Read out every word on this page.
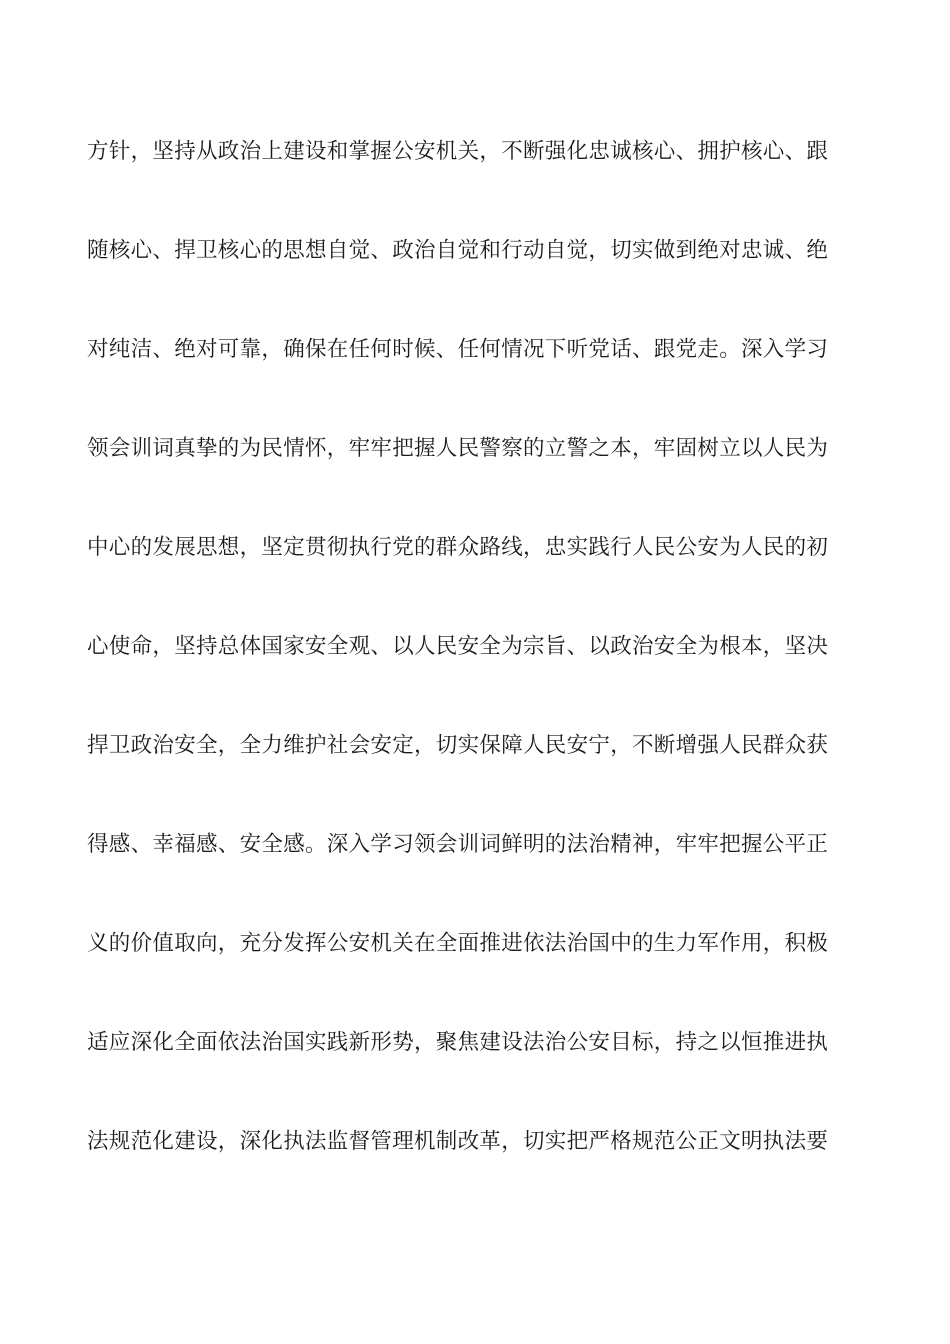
方针，坚持从政治上建设和掌握公安机关，不断强化忠诚核心、拥护核心、跟
随核心、捍卫核心的思想自觉、政治自觉和行动自觉，切实做到绝对忠诚、绝
对纯洁、绝对可靠，确保在任何时候、任何情况下听党话、跟党走。深入学习
领会训词真挚的为民情怀，牢牢把握人民警察的立警之本，牢固树立以人民为
中心的发展思想，坚定贯彻执行党的群众路线，忠实践行人民公安为人民的初
心使命，坚持总体国家安全观、以人民安全为宗旨、以政治安全为根本，坚决
捍卫政治安全，全力维护社会安定，切实保障人民安宁，不断增强人民群众获
得感、幸福感、安全感。深入学习领会训词鲜明的法治精神，牢牢把握公平正
义的价值取向，充分发挥公安机关在全面推进依法治国中的生力军作用，积极
适应深化全面依法治国实践新形势，聚焦建设法治公安目标，持之以恒推进执
法规范化建设，深化执法监督管理机制改革，切实把严格规范公正文明执法要
